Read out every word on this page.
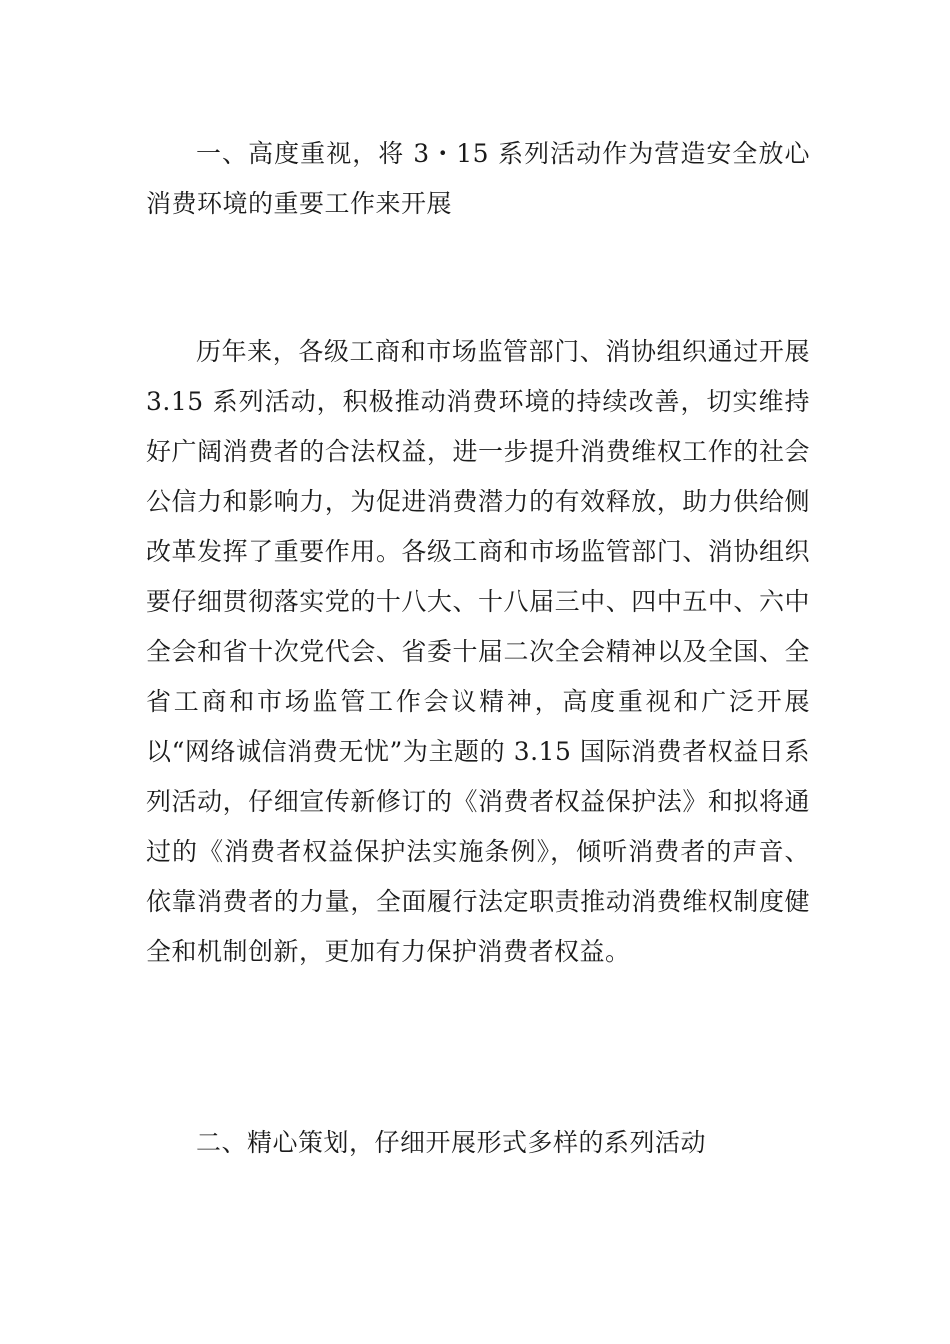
一、高度重视，将 3・15 系列活动作为营造安全放心消费环境的重要工作来开展

历年来，各级工商和市场监管部门、消协组织通过开展 3.15 系列活动，积极推动消费环境的持续改善，切实维持好广阔消费者的合法权益，进一步提升消费维权工作的社会公信力和影响力，为促进消费潜力的有效释放，助力供给侧改革发挥了重要作用。各级工商和市场监管部门、消协组织要仔细贯彻落实党的十八大、十八届三中、四中五中、六中全会和省十次党代会、省委十届二次全会精神以及全国、全省工商和市场监管工作会议精神，高度重视和广泛开展以“网络诚信消费无忧”为主题的 3.15 国际消费者权益日系列活动，仔细宣传新修订的《消费者权益保护法》和拟将通过的《消费者权益保护法实施条例》，倾听消费者的声音、依靠消费者的力量，全面履行法定职责推动消费维权制度健全和机制创新，更加有力保护消费者权益。

二、精心策划，仔细开展形式多样的系列活动
